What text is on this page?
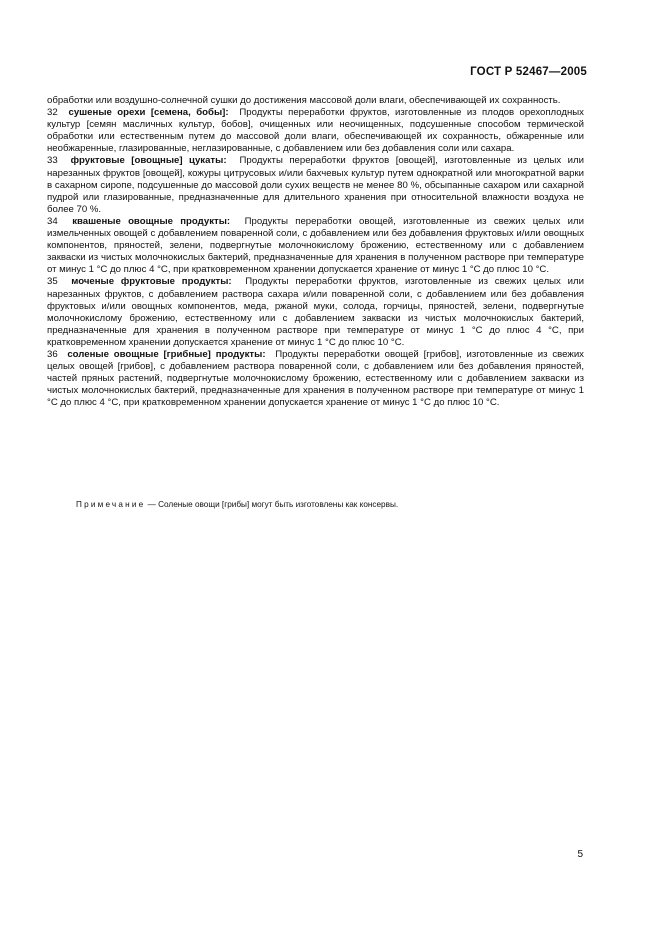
ГОСТ Р 52467—2005

обработки или воздушно-солнечной сушки до достижения массовой доли влаги, обеспечивающей их сохранность.

32 сушеные орехи [семена, бобы]: Продукты переработки фруктов, изготовленные из плодов орехоплодных культур [семян масличных культур, бобов], очищенных или неочищенных, подсушенные способом термической обработки или естественным путем до массовой доли влаги, обеспечивающей их сохранность, обжаренные или необжаренные, глазированные, неглазированные, с добавлением или без добавления соли или сахара.

33 фруктовые [овощные] цукаты: Продукты переработки фруктов [овощей], изготовленные из целых или нарезанных фруктов [овощей], кожуры цитрусовых и/или бахчевых культур путем однократной или многократной варки в сахарном сиропе, подсушенные до массовой доли сухих веществ не менее 80 %, обсыпанные сахаром или сахарной пудрой или глазированные, предназначенные для длительного хранения при относительной влажности воздуха не более 70 %.

34 квашеные овощные продукты: Продукты переработки овощей, изготовленные из свежих целых или измельченных овощей с добавлением поваренной соли, с добавлением или без добавления фруктовых и/или овощных компонентов, пряностей, зелени, подвергнутые молочнокислому брожению, естественному или с добавлением закваски из чистых молочнокислых бактерий, предназначенные для хранения в полученном растворе при температуре от минус 1 °С до плюс 4 °С, при кратковременном хранении допускается хранение от минус 1 °С до плюс 10 °С.

35 моченые фруктовые продукты: Продукты переработки фруктов, изготовленные из свежих целых или нарезанных фруктов, с добавлением раствора сахара и/или поваренной соли, с добавлением или без добавления фруктовых и/или овощных компонентов, меда, ржаной муки, солода, горчицы, пряностей, зелени, подвергнутые молочнокислому брожению, естественному или с добавлением закваски из чистых молочнокислых бактерий, предназначенные для хранения в полученном растворе при температуре от минус 1 °С до плюс 4 °С, при кратковременном хранении допускается хранение от минус 1 °С до плюс 10 °С.

36 соленые овощные [грибные] продукты: Продукты переработки овощей [грибов], изготовленные из свежих целых овощей [грибов], с добавлением раствора поваренной соли, с добавлением или без добавления пряностей, частей пряных растений, подвергнутые молочнокислому брожению, естественному или с добавлением закваски из чистых молочнокислых бактерий, предназначенные для хранения в полученном растворе при температуре от минус 1 °С до плюс 4 °С, при кратковременном хранении допускается хранение от минус 1 °С до плюс 10 °С.

Примечание — Соленые овощи [грибы] могут быть изготовлены как консервы.
5
